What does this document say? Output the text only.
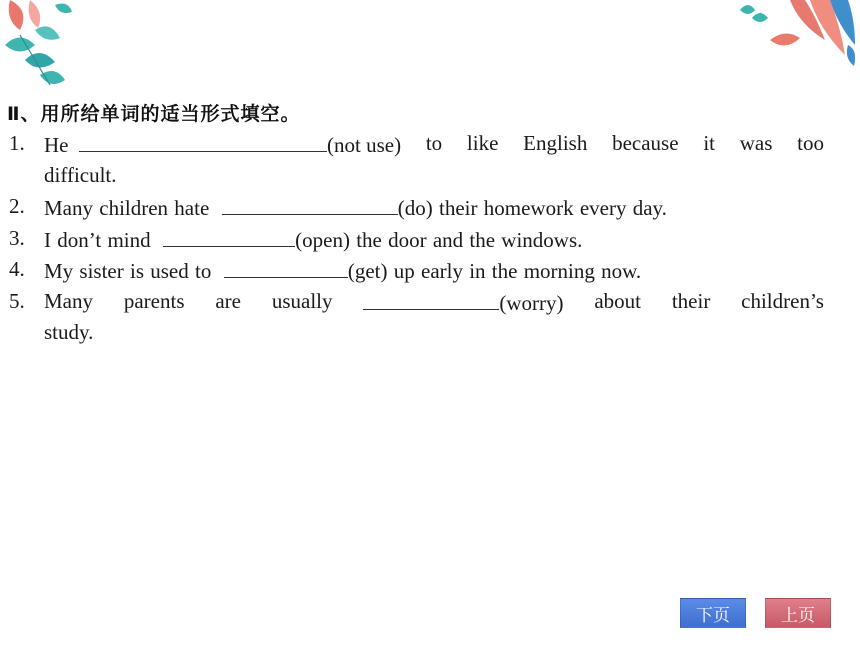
Ⅱ、用所给单词的适当形式填空。
1. He	(not use) to like English because it was too
difficult.
2. Many children hate	(do) their homework every day.
3. I don’t mind	(open) the door and the windows.
4. My sister is used to	(get) up early in the morning now.
5. Many parents are usually	(worry) about their children’s
study.
下页	上页
